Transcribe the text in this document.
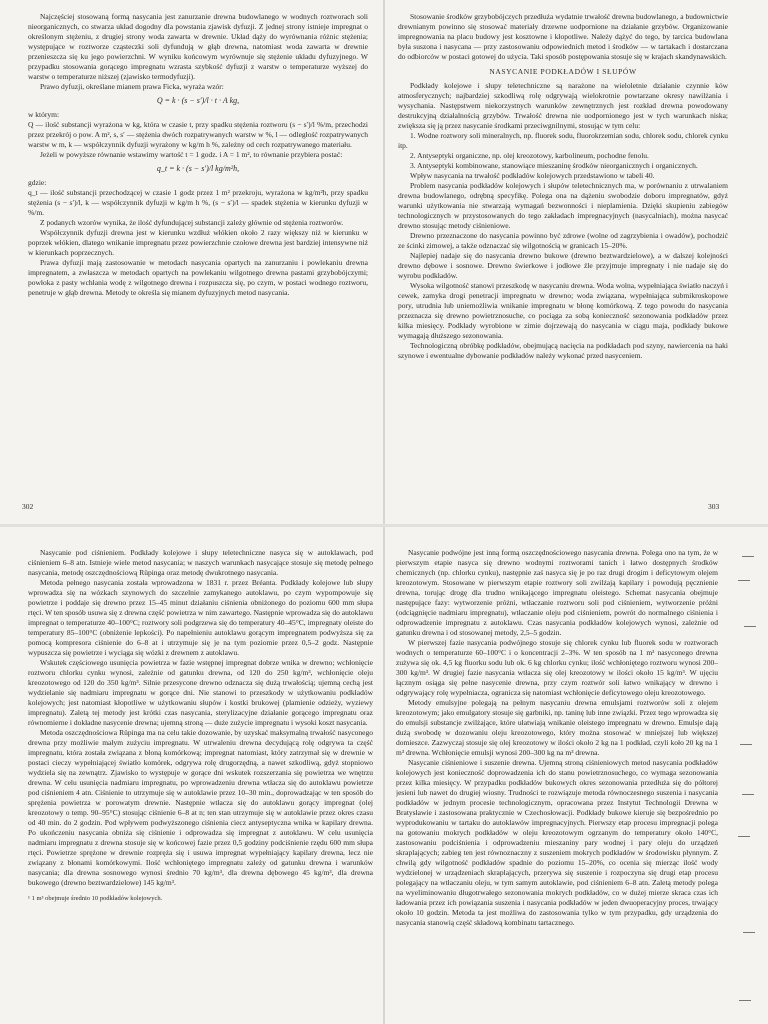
Najczęściej stosowaną formą nasycania jest zanurzanie drewna budowlanego w wodnych roztworach soli nieorganicznych, co stwarza układ dogodny dla powstania zjawisk dyfuzji. Z jednej strony istnieje impregnat o określonym stężeniu, z drugiej strony woda zawarta w drewnie. Układ dąży do wyrównania różnic stężenia; występujące w roztworze cząsteczki soli dyfundują w głąb drewna, natomiast woda zawarta w drewnie przenieszcza się ku jego powierzchni. W wyniku końcowym wyrównuje się stężenie układu dyfuzyjnego. W przypadku stosowania gorącego impregnatu wzrasta szybkość dyfuzji z warstw o temperaturze wyższej do warstw o temperaturze niższej (zjawisko termodyfuzji).

Prawo dyfuzji, określane mianem prawa Ficka, wyraża wzór:

Q = k · (s − s′)/l · t · A kg,

w którym:

Q — ilość substancji wyrażona w kg, która w czasie t, przy spadku stężenia roztworu (s − s′)/l %/m, przechodzi przez przekrój o pow. A m², s, s′ — stężenia dwóch rozpatrywanych warstw w %, l — odległość rozpatrywanych warstw w m, k — współczynnik dyfuzji wyrażony w kg/m h %, zależny od cech rozpatrywanego materiału.

Jeżeli w powyższe równanie wstawimy wartość t = 1 godz. i A = 1 m², to równanie przybiera postać:

q_t = k · (s − s′)/l kg/m²h,

gdzie:

q_t — ilość substancji przechodzącej w czasie 1 godz przez 1 m² przekroju, wyrażona w kg/m²h, przy spadku stężenia (s − s′)/l, k — współczynnik dyfuzji w kg/m h %, (s − s′)/l — spadek stężenia w kierunku dyfuzji w %/m.

Z podanych wzorów wynika, że ilość dyfundującej substancji zależy głównie od stężenia roztworów.

Współczynnik dyfuzji drewna jest w kierunku wzdłuż włókien około 2 razy większy niż w kierunku w poprzek włókien, dlatego wnikanie impregnatu przez powierzchnie czołowe drewna jest bardziej intensywne niż w kierunkach poprzecznych.

Prawa dyfuzji mają zastosowanie w metodach nasycania opartych na zanurzaniu i powlekaniu drewna impregnatem, a zwłaszcza w metodach opartych na powlekaniu wilgotnego drewna pastami grzybobójczymi; powłoka z pasty wchłania wodę z wilgotnego drewna i rozpuszcza się, po czym, w postaci wodnego roztworu, penetruje w głąb drewna. Metody te określa się mianem dyfuzyjnych metod nasycania.

302

Stosowanie środków grzybobójczych przedłuża wydatnie trwałość drewna budowlanego, a budownictwie drewnianym powinno się stosować materiały drzewne uodpornione na działanie grzybów. Organizowanie impregnowania na placu budowy jest kosztowne i kłopotliwe. Należy dążyć do tego, by tarcica budowlana była suszona i nasycana — przy zastosowaniu odpowiednich metod i środków — w tartakach i dostarczana do odbiorców w postaci gotowej do użycia. Taki sposób postępowania stosuje się w krajach skandynawskich.

NASYCANIE PODKŁADÓW I SŁUPÓW

Podkłady kolejowe i słupy teletechniczne są narażone na wieloletnie działanie czynnie ków atmosferycznych; najbardziej szkodliwą rolę odgrywają wielokrotnie powtarzane okresy nawilżania i wysychania. Następstwem niekorzystnych warunków zewnętrznych jest rozkład drewna powodowany destrukcyjną działalnością grzybów. Trwałość drewna nie uodpornionego jest w tych warunkach niska; zwiększa się ją przez nasycanie środkami przeciwgnilnymi, stosując w tym celu:

1. Wodne roztwory soli mineralnych, np. fluorek sodu, fluorokrzemian sodu, chlorek sodu, chlorek cynku itp.

2. Antyseptyki organiczne, np. olej kreozotowy, karbolineum, pochodne fenolu.

3. Antyseptyki kombinowane, stanowiące mieszaninę środków nieorganicznych i organicznych.

Wpływ nasycania na trwałość podkładów kolejowych przedstawiono w tabeli 40.

Problem nasycania podkładów kolejowych i słupów teletechnicznych ma, w porównaniu z utrwalaniem drewna budowlanego, odrębną specyfikę. Polega ona na dążeniu swobodzie doboru impregnatów, gdyż warunki użytkowania nie stwarzają wymagań bezwonności i nieplamienia. Dzięki skupieniu zabiegów technologicznych w przystosowanych do tego zakładach impregnacyjnych (nasycalniach), można nasycać drewno stosując metody ciśnieniowe.

Drewno przeznaczone do nasycania powinno być zdrowe (wolne od zagrzybienia i owadów), pochodzić ze ścinki zimowej, a także odznaczać się wilgotnością w granicach 15–20%.

Najlepiej nadaje się do nasycania drewno bukowe (drewno beztwardzielowe), a w dalszej kolejności drewno dębowe i sosnowe. Drewno świerkowe i jodłowe źle przyjmuje impregnaty i nie nadaje się do wyrobu podkładów.

Wysoka wilgotność stanowi przeszkodę w nasycaniu drewna. Woda wolna, wypełniająca światło naczyń i cewek, zamyka drogi penetracji impregnatu w drewno; woda związana, wypełniająca submikroskopowe pory, utrudnia lub uniemożliwia wnikanie impregnatu w błonę komórkową. Z tego powodu do nasycania przeznacza się drewno powietrznosuche, co pociąga za sobą konieczność sezonowania podkładów przez kilka miesięcy. Podkłady wyrobione w zimie dojrzewają do nasycania w ciągu maja, podkłady bukowe wymagają dłuższego sezonowania.

Technologiczną obróbkę podkładów, obejmującą nacięcia na podkładach pod szyny, nawiercenia na haki szynowe i ewentualne dybowanie podkładów należy wykonać przed nasyceniem.

303

Nasycanie pod ciśnieniem. Podkłady kolejowe i słupy teletechniczne nasyca się w autoklawach, pod ciśnieniem 6–8 atn. Istnieje wiele metod nasycania; w naszych warunkach nasycające stosuje się metodę pełnego nasycania, metodę oszczędnościową Rüpinga oraz metodę dwukrotnego nasycania.

Metoda pełnego nasycania została wprowadzona w 1831 r. przez Bréanta. Podkłady kolejowe lub słupy wprowadza się na wózkach szynowych do szczelnie zamykanego autoklawu, po czym wypompowuje się powietrze i poddaje się drewno przez 15–45 minut działaniu ciśnienia obniżonego do poziomu 600 mm słupa rtęci. W ten sposób usuwa się z drewna część powietrza w nim zawartego. Następnie wprowadza się do autoklawu impregnat o temperaturze 40–100°C; roztwory soli podgrzewa się do temperatury 40–45°C, impregnaty oleiste do temperatury 85–100°C (obniżenie lepkości). Po napełnieniu autoklawu gorącym impregnatem podwyższa się za pomocą kompresora ciśnienie do 6–8 at i utrzymuje się je na tym poziomie przez 0,5–2 godz. Następnie wypuszcza się powietrze i wyciąga się wózki z drewnem z autoklawu.

Wskutek częściowego usunięcia powietrza w fazie wstępnej impregnat dobrze wnika w drewno; wchłonięcie roztworu chlorku cynku wynosi, zależnie od gatunku drewna, od 120 do 250 kg/m³, wchłonięcie oleju kreozotowego od 120 do 350 kg/m³. Silnie przesycone drewno odznacza się dużą trwałością; ujemną cechą jest wydzielanie się nadmiaru impregnatu w gorące dni. Nie stanowi to przeszkody w użytkowaniu podkładów kolejowych; jest natomiast kłopotliwe w użytkowaniu słupów i kostki brukowej (plamienie odzieży, wyziewy impregnatu). Zaletą tej metody jest krótki czas nasycania, sterylizacyjne działanie gorącego impregnatu oraz równomierne i dokładne nasycenie drewna; ujemną stroną — duże zużycie impregnatu i wysoki koszt nasycania.

Metoda oszczędnościowa Rüpinga ma na celu takie dozowanie, by uzyskać maksymalną trwałość nasyconego drewna przy możliwie małym zużyciu impregnatu. W utrwaleniu drewna decydującą rolę odgrywa ta część impregnatu, która została związana z błoną komórkową; impregnat natomiast, który zatrzymał się w drewnie w postaci cieczy wypełniającej światło komórek, odgrywa rolę drugorzędną, a nawet szkodliwą, gdyż stopniowo wydziela się na zewnątrz. Zjawisko to występuje w gorące dni wskutek rozszerzania się powietrza we wnętrzu drewna. W celu usunięcia nadmiaru impregnatu, po wprowadzeniu drewna wtłacza się do autoklawu powietrze pod ciśnieniem 4 atn. Ciśnienie to utrzymuje się w autoklawie przez 10–30 min., doprowadzając w ten sposób do sprężenia powietrza w porowatym drewnie. Następnie wtłacza się do autoklawu gorący impregnat (olej kreozotowy o temp. 90–95°C) stosując ciśnienie 6–8 at n; ten stan utrzymuje się w autoklawie przez okres czasu od 40 min. do 2 godzin. Pod wpływem podwyższonego ciśnienia ciecz antyseptyczna wnika w kapilary drewna. Po ukończeniu nasycania obniża się ciśnienie i odprowadza się impregnat z autoklawu. W celu usunięcia nadmiaru impregnatu z drewna stosuje się w końcowej fazie przez 0,5 godziny podciśnienie rzędu 600 mm słupa rtęci. Powietrze sprężone w drewnie rozpręża się i usuwa impregnat wypełniający kapilary drewna, lecz nie związany z błonami komórkowymi. Ilość wchłoniętego impregnatu zależy od gatunku drewna i warunków nasycania; dla drewna sosnowego wynosi średnio 70 kg/m³, dla drewna dębowego 45 kg/m³, dla drewna bukowego (drewno beztwardzielowe) 145 kg/m³.

¹ 1 m³ obejmuje średnio 10 podkładów kolejowych.

Nasycanie podwójne jest inną formą oszczędnościowego nasycania drewna. Polega ono na tym, że w pierwszym etapie nasyca się drewno wodnymi roztworami tanich i łatwo dostępnych środków chemicznych (np. chlorku cynku), następnie zaś nasyca się je po raz drugi drogim i deficytowym olejem kreozotowym. Stosowane w pierwszym etapie roztwory soli zwilżają kapilary i powodują pęcznienie drewna, torując drogę dla trudno wnikającego impregnatu oleistego. Schemat nasycania obejmuje następujące fazy: wytworzenie próżni, wtłaczanie roztworu soli pod ciśnieniem, wytworzenie próżni (odciągnięcie nadmiaru impregnatu), wtłaczanie oleju pod ciśnieniem, powrót do normalnego ciśnienia i odprowadzenie impregnatu z autoklawu. Czas nasycania podkładów kolejowych wynosi, zależnie od gatunku drewna i od stosowanej metody, 2,5–5 godzin.

W pierwszej fazie nasycania podwójnego stosuje się chlorek cynku lub fluorek sodu w roztworach wodnych o temperaturze 60–100°C i o koncentracji 2–3%. W ten sposób na 1 m³ nasyconego drewna zużywa się ok. 4,5 kg fluorku sodu lub ok. 6 kg chlorku cynku; ilość wchłoniętego roztworu wynosi 200–300 kg/m³. W drugiej fazie nasycania wtłacza się olej kreozotowy w ilości około 15 kg/m³. W ujęciu łącznym osiąga się pełne nasycenie drewna, przy czym roztwór soli łatwo wnikający w drewno i odgrywający rolę wypełniacza, ogranicza się natomiast wchłonięcie deficytowego oleju kreozotowego.

Metody emulsyjne polegają na pełnym nasycaniu drewna emulsjami roztworów soli z olejem kreozotowym; jako emulgatory stosuje się garbniki, np. taninę lub inne związki. Przez tego wprowadza się do emulsji substancje zwilżające, które ułatwiają wnikanie oleistego impregnatu w drewno. Emulsje dają dużą swobodę w dozowaniu oleju kreozotowego, który można stosować w mniejszej lub większej domieszce. Zazwyczaj stosuje się olej kreozotowy w ilości około 2 kg na 1 podkład, czyli koło 20 kg na 1 m³ drewna. Wchłonięcie emulsji wynosi 200–300 kg na m³ drewna.

Nasycanie ciśnieniowe i suszenie drewna. Ujemną stroną ciśnieniowych metod nasycania podkładów kolejowych jest konieczność doprowadzenia ich do stanu powietrznosuchego, co wymaga sezonowania przez kilka miesięcy. W przypadku podkładów bukowych okres sezonowania przedłuża się do półtorej jesieni lub nawet do drugiej wiosny. Trudności te rozwiązuje metoda równoczesnego suszenia i nasycania podkładów w jednym procesie technologicznym, opracowana przez Instytut Technologii Drewna w Bratysławie i zastosowana praktycznie w Czechosłowacji. Podkłady bukowe kieruje się bezpośrednio po wyprodukowaniu w tartaku do autoklawów impregnacyjnych. Pierwszy etap procesu impregnacji polega na gotowaniu mokrych podkładów w oleju kreozotowym ogrzanym do temperatury około 140°C, zastosowaniu podciśnienia i odprowadzeniu mieszaniny pary wodnej i pary oleju do urządzeń skraplających; zabieg ten jest równoznaczny z suszeniem mokrych podkładów w środowisku płynnym. Z chwilą gdy wilgotność podkładów spadnie do poziomu 15–20%, co ocenia się mierząc ilość wody wydzielonej w urządzeniach skraplających, przerywa się suszenie i rozpoczyna się drugi etap procesu polegający na wtłaczaniu oleju, w tym samym autoklawie, pod ciśnieniem 6–8 atn. Zaletą metody polega na wyeliminowaniu długotrwałego sezonowania mokrych podkładów, co w dużej mierze skraca czas ich ładowania przez ich powiązania suszenia i nasycania podkładów w jeden dwuoperacyjny proces, trwający około 10 godzin. Metoda ta jest możliwa do zastosowania tylko w tym przypadku, gdy urządzenia do nasycania stanowią część składową kombinatu tartacznego.
